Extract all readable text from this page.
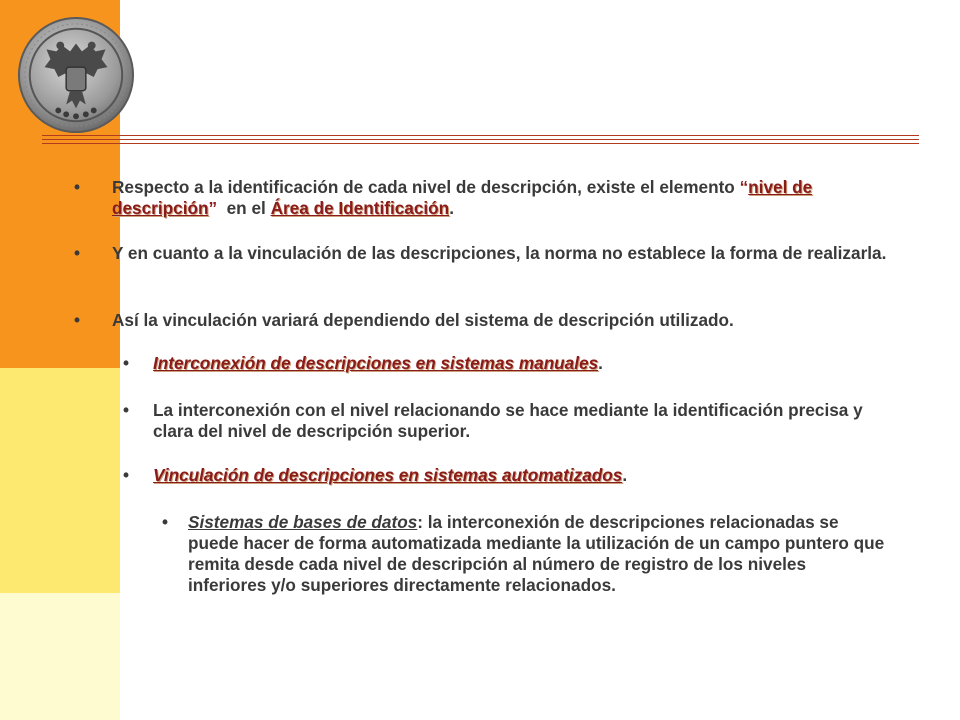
• Respecto a la identificación de cada nivel de descripción, existe el elemento “nivel de descripción”  en el Área de Identificación.
• Y en cuanto a la vinculación de las descripciones, la norma no establece la forma de realizarla.
• Así la vinculación variará dependiendo del sistema de descripción utilizado.
• Interconexión de descripciones en sistemas manuales.
• La interconexión con el nivel relacionando se hace mediante la identificación precisa y clara del nivel de descripción superior.
• Vinculación de descripciones en sistemas automatizados.
• Sistemas de bases de datos: la interconexión de descripciones relacionadas se puede hacer de forma automatizada mediante la utilización de un campo puntero que remita desde cada nivel de descripción al número de registro de los niveles inferiores y/o superiores directamente relacionados.
